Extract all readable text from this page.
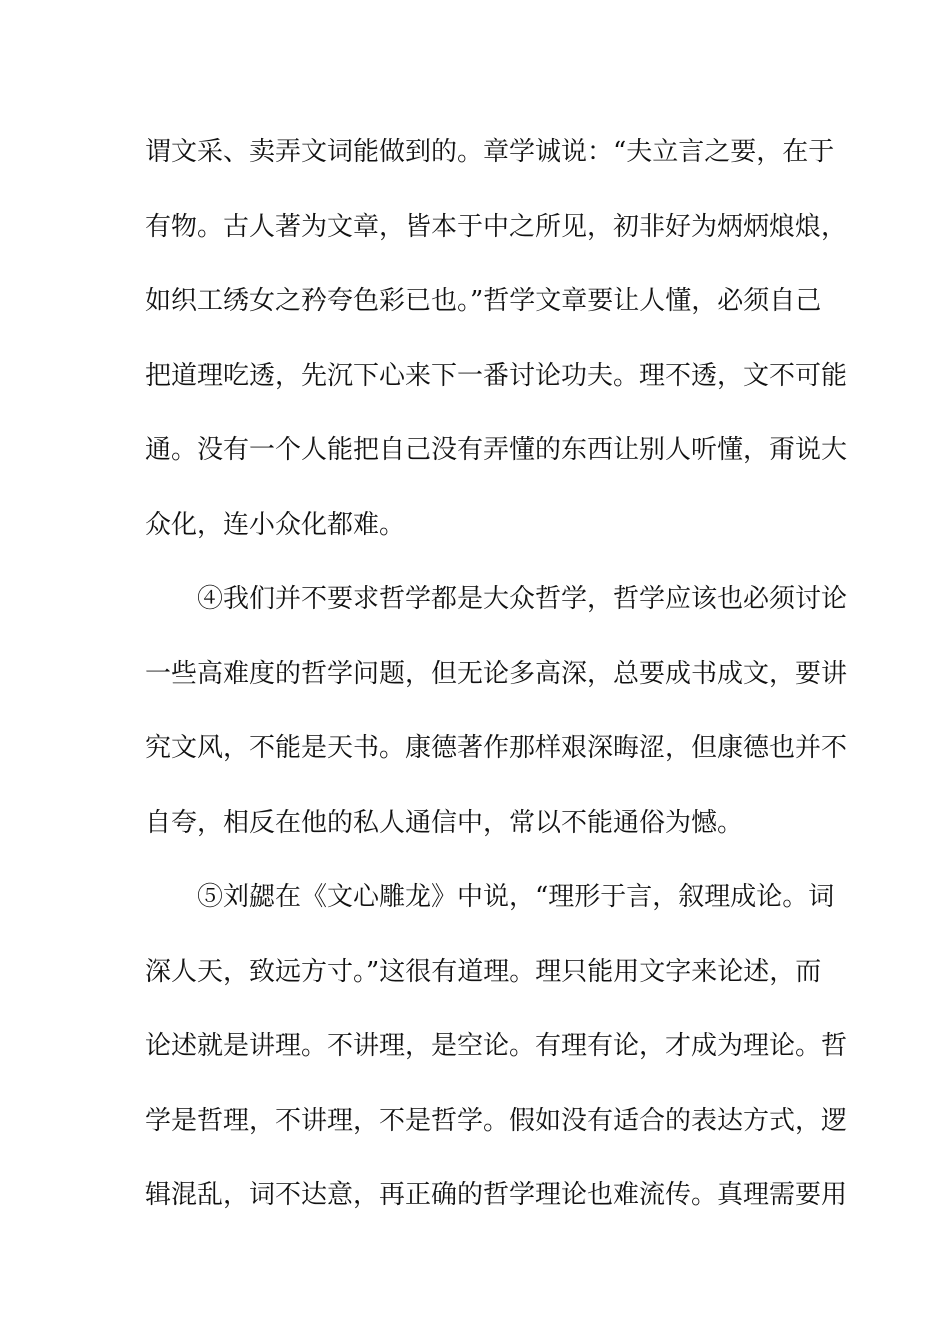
谓文采、卖弄文词能做到的。章学诚说：“夫立言之要，在于
有物。古人著为文章，皆本于中之所见，初非好为炳炳烺烺，
如织工绣女之矜夸色彩已也。”哲学文章要让人懂，必须自己
把道理吃透，先沉下心来下一番讨论功夫。理不透，文不可能
通。没有一个人能把自己没有弄懂的东西让别人听懂，甭说大
众化，连小众化都难。
④我们并不要求哲学都是大众哲学，哲学应该也必须讨论
一些高难度的哲学问题，但无论多高深，总要成书成文，要讲
究文风，不能是天书。康德著作那样艰深晦涩，但康德也并不
自夸，相反在他的私人通信中，常以不能通俗为憾。
⑤刘勰在《文心雕龙》中说，“理形于言，叙理成论。词
深人天，致远方寸。”这很有道理。理只能用文字来论述，而
论述就是讲理。不讲理，是空论。有理有论，才成为理论。哲
学是哲理，不讲理，不是哲学。假如没有适合的表达方式，逻
辑混乱，词不达意，再正确的哲学理论也难流传。真理需要用
